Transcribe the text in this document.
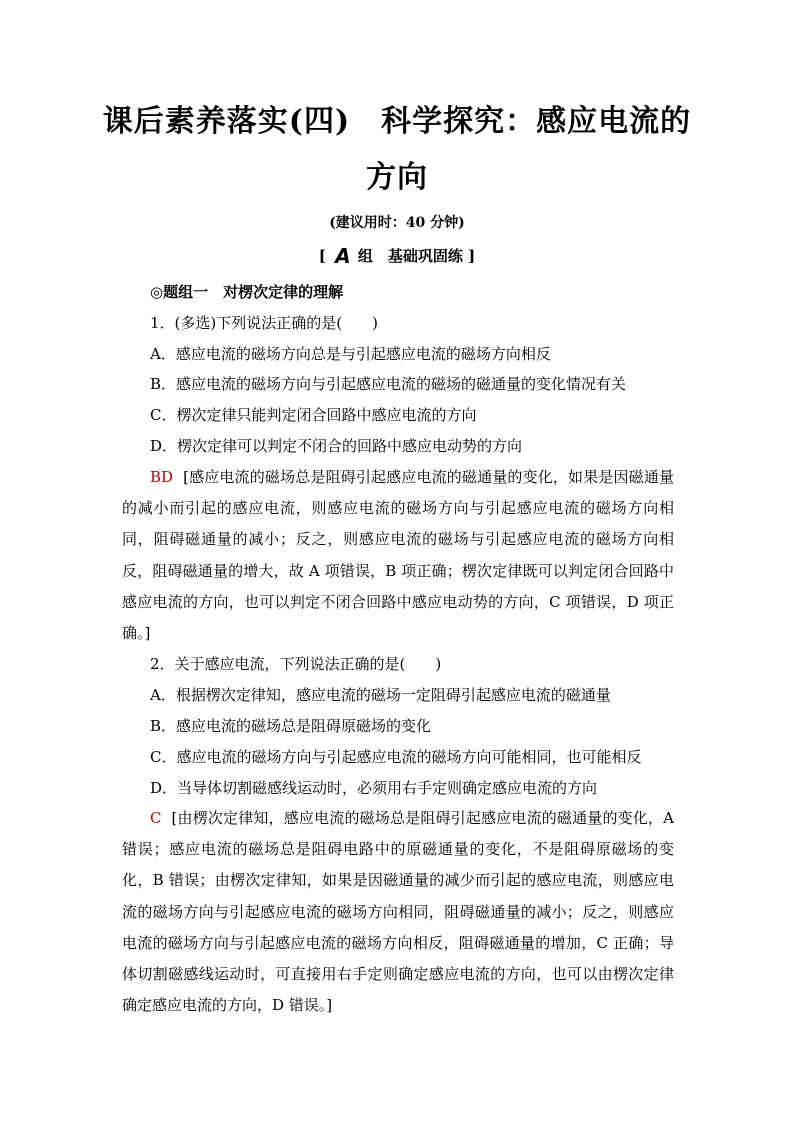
课后素养落实(四)　科学探究：感应电流的
方向
(建议用时：40 分钟)
[ A 组　基础巩固练 ]
◎题组一　对楞次定律的理解
1．(多选)下列说法正确的是(　　)
A．感应电流的磁场方向总是与引起感应电流的磁场方向相反
B．感应电流的磁场方向与引起感应电流的磁场的磁通量的变化情况有关
C．楞次定律只能判定闭合回路中感应电流的方向
D．楞次定律可以判定不闭合的回路中感应电动势的方向
BD [感应电流的磁场总是阻碍引起感应电流的磁通量的变化，如果是因磁通量的减小而引起的感应电流，则感应电流的磁场方向与引起感应电流的磁场方向相同，阻碍磁通量的减小；反之，则感应电流的磁场与引起感应电流的磁场方向相反，阻碍磁通量的增大，故 A 项错误，B 项正确；楞次定律既可以判定闭合回路中感应电流的方向，也可以判定不闭合回路中感应电动势的方向，C 项错误，D 项正确。]
2．关于感应电流，下列说法正确的是(　　)
A．根据楞次定律知，感应电流的磁场一定阻碍引起感应电流的磁通量
B．感应电流的磁场总是阻碍原磁场的变化
C．感应电流的磁场方向与引起感应电流的磁场方向可能相同，也可能相反
D．当导体切割磁感线运动时，必须用右手定则确定感应电流的方向
C [由楞次定律知，感应电流的磁场总是阻碍引起感应电流的磁通量的变化，A 错误；感应电流的磁场总是阻碍电路中的原磁通量的变化，不是阻碍原磁场的变化，B 错误；由楞次定律知，如果是因磁通量的减少而引起的感应电流，则感应电流的磁场方向与引起感应电流的磁场方向相同，阻碍磁通量的减小；反之，则感应电流的磁场方向与引起感应电流的磁场方向相反，阻碍磁通量的增加，C 正确；导体切割磁感线运动时，可直接用右手定则确定感应电流的方向，也可以由楞次定律确定感应电流的方向，D 错误。]
